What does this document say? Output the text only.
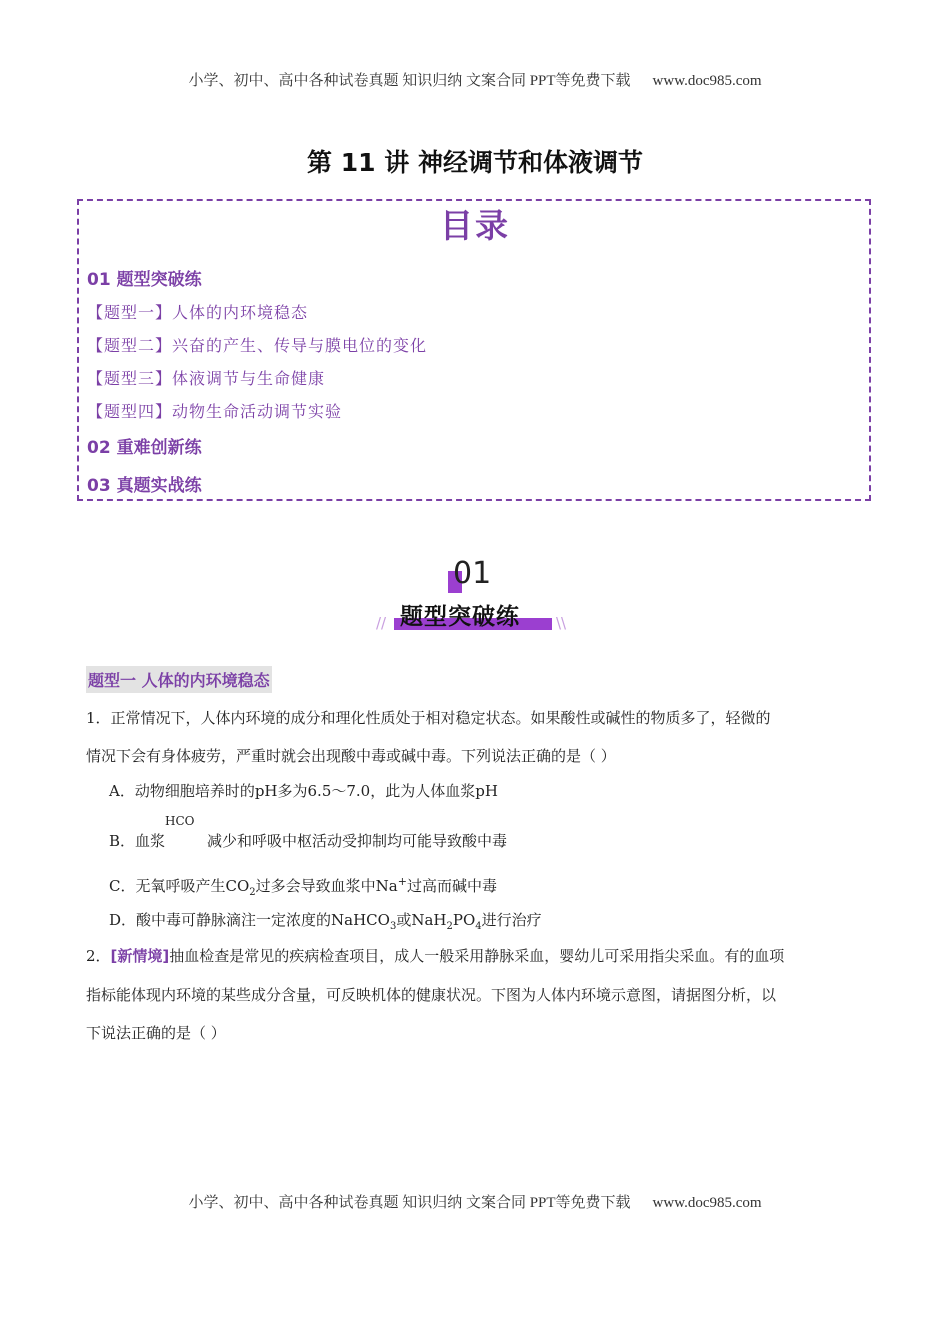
小学、初中、高中各种试卷真题 知识归纳 文案合同 PPT等免费下载 www.doc985.com
第 11 讲 神经调节和体液调节
目录
01 题型突破练
【题型一】人体的内环境稳态
【题型二】兴奋的产生、传导与膜电位的变化
【题型三】体液调节与生命健康
【题型四】动物生命活动调节实验
02 重难创新练
03 真题实战练
01
题型突破练
//	\\
题型一 人体的内环境稳态
1．正常情况下，人体内环境的成分和理化性质处于相对稳定状态。如果酸性或碱性的物质多了，轻微的
情况下会有身体疲劳，严重时就会出现酸中毒或碱中毒。下列说法正确的是（ ）
A．动物细胞培养时的pH多为6.5～7.0，此为人体血浆pH
B．血浆
HCO
减少和呼吸中枢活动受抑制均可能导致酸中毒
C．无氧呼吸产生$CO_2$过多会导致血浆中Na+过高而碱中毒
D．酸中毒可静脉滴注一定浓度的NaHCO$_3$或$NaH_2PO_4$进行治疗
2．[新情境]抽血检查是常见的疾病检查项目，成人一般采用静脉采血，婴幼儿可采用指尖采血。有的血项
指标能体现内环境的某些成分含量，可反映机体的健康状况。下图为人体内环境示意图，请据图分析，以
下说法正确的是（ ）
小学、初中、高中各种试卷真题 知识归纳 文案合同 PPT等免费下载 www.doc985.com
